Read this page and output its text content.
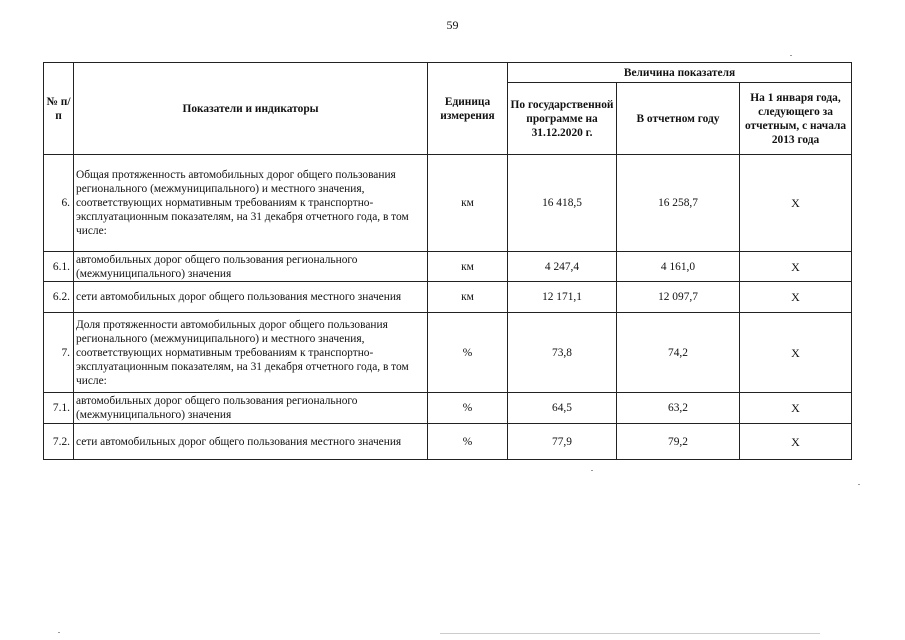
59
№ п/п	Показатели и индикаторы	Единица измерения	Величина показателя		
			По государственной программе на 31.12.2020 г.	В отчетном году	На 1 января года, следующего за отчетным, с начала 2013 года
6.	Общая протяженность автомобильных дорог общего пользования регионального (межмуниципального) и местного значения, соответствующих нормативным требованиям к транспортно-эксплуатационным показателям, на 31 декабря отчетного года, в том числе:	км	16 418,5	16 258,7	X
6.1.	автомобильных дорог общего пользования регионального (межмуниципального) значения	км	4 247,4	4 161,0	X
6.2.	сети автомобильных дорог общего пользования местного значения	км	12 171,1	12 097,7	X
7.	Доля протяженности автомобильных дорог общего пользования регионального (межмуниципального) и местного значения, соответствующих нормативным требованиям к транспортно-эксплуатационным показателям, на 31 декабря отчетного года, в том числе:	%	73,8	74,2	X
7.1.	автомобильных дорог общего пользования регионального (межмуниципального) значения	%	64,5	63,2	X
7.2.	сети автомобильных дорог общего пользования местного значения	%	77,9	79,2	X
